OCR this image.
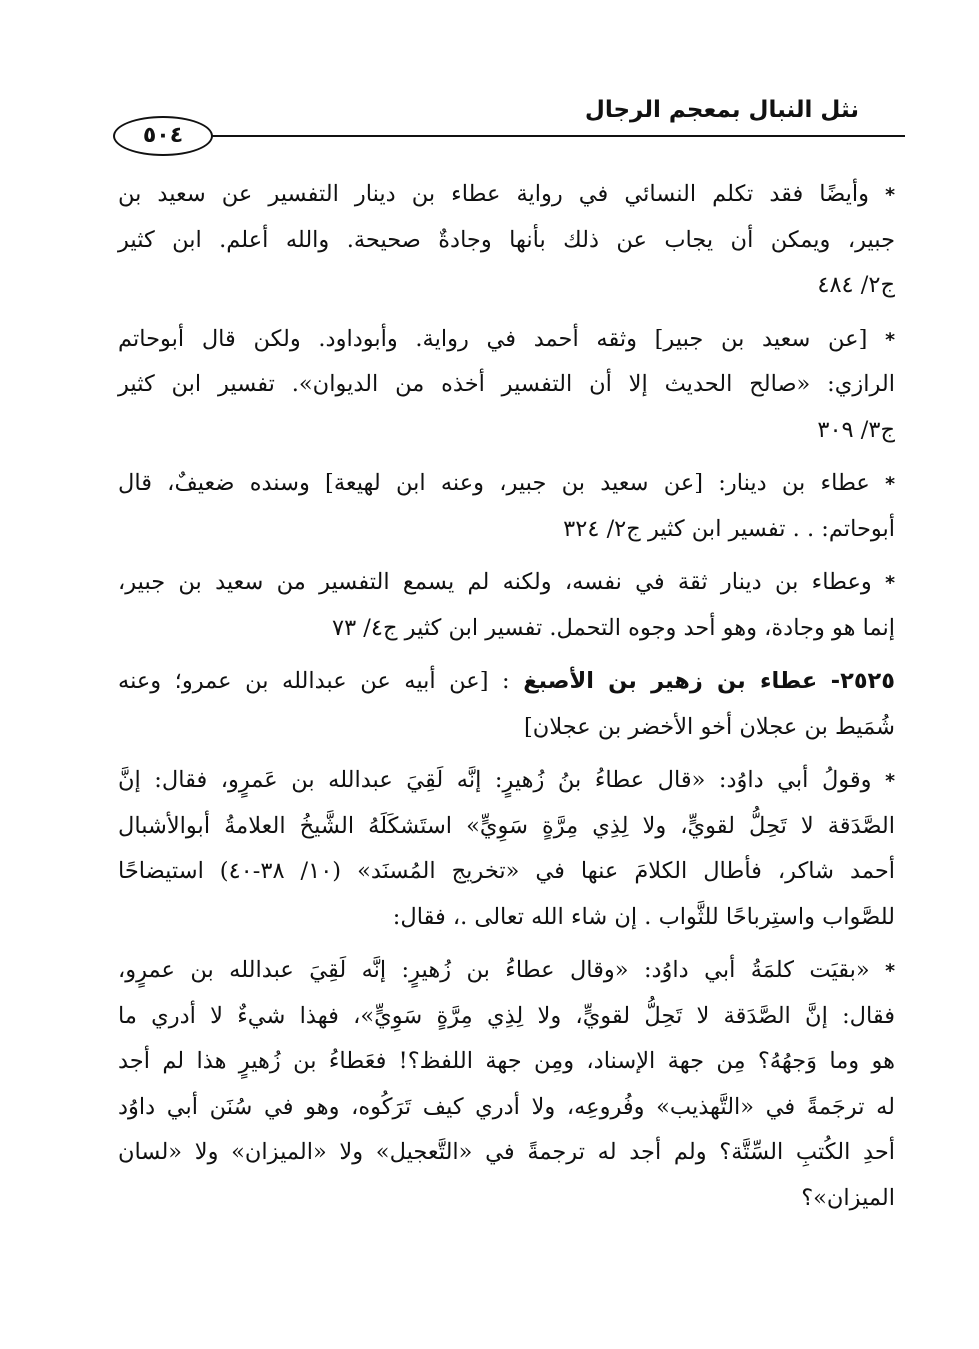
نثل النبال بمعجم الرجال
٥٠٤
* وأيضًا فقد تكلم النسائي في رواية عطاء بن دينار التفسير عن سعيد بن
جبير، ويمكن أن يجاب عن ذلك بأنها وجادةٌ صحيحة. والله أعلم. ابن كثير
ج٢/ ٤٨٤
* [عن سعيد بن جبير] وثقه أحمد في رواية. وأبوداود. ولكن قال أبوحاتم
الرازي: «صالح الحديث إلا أن التفسير أخذه من الديوان». تفسير ابن كثير
ج٣/ ٣٠٩
* عطاء بن دينار: [عن سعيد بن جبير، وعنه ابن لهيعة] وسنده ضعيفٌ، قال
أبوحاتم: . . تفسير ابن كثير ج٢/ ٣٢٤
* وعطاء بن دينار ثقة في نفسه، ولكنه لم يسمع التفسير من سعيد بن جبير،
إنما هو وجادة، وهو أحد وجوه التحمل. تفسير ابن كثير ج٤/ ٧٣
٢٥٢٥- عطاء بن زهير بن الأصبغ : [عن أبيه عن عبدالله بن عمرو؛ وعنه
شُمَيط بن عجلان أخو الأخضر بن عجلان]
* وقولُ أبي داوُد: «قال عطاءُ بنُ زُهيرٍ: إنَّه لَقِيَ عبدالله بن عَمرٍو، فقال: إنَّ
الصَّدَقة لا تَحِلُّ لقويٍّ، ولا لِذِي مِرَّةٍ سَوِيٍّ» استَشكَلَهُ الشَّيخُ العلامةُ أبوالأشبال
أحمد شاكر، فأطال الكلامَ عنها في «تخريج المُسنَد» (١٠/ ٣٨-٤٠) استيضاحًا
للصَّواب واستِرباحًا للثَّواب . إن شاء الله تعالى .، فقال:
* «بقيَت كلمَةُ أبي داوُد: «وقال عطاءُ بن زُهيرٍ: إنَّه لَقِيَ عبدالله بن عمرٍو،
فقال: إنَّ الصَّدَقة لا تَحِلُّ لقويٍّ، ولا لِذِي مِرَّةٍ سَوِيٍّ»، فهذا شيءٌ لا أدري ما
هو وما وَجهُهُ؟ مِن جهة الإسناد، ومِن جهة اللفظ؟! فعَطاءُ بن زُهيرٍ هذا لم أجد
له ترجَمةً في «التَّهذيب» وفُروعِه، ولا أدري كيف تَرَكُوه، وهو في سُنَن أبي داوُد
أحدِ الكُتبِ السِّتَّة؟ ولم أجد له ترجمةً في «التَّعجيل» ولا «الميزان» ولا «لسان
الميزان»؟
